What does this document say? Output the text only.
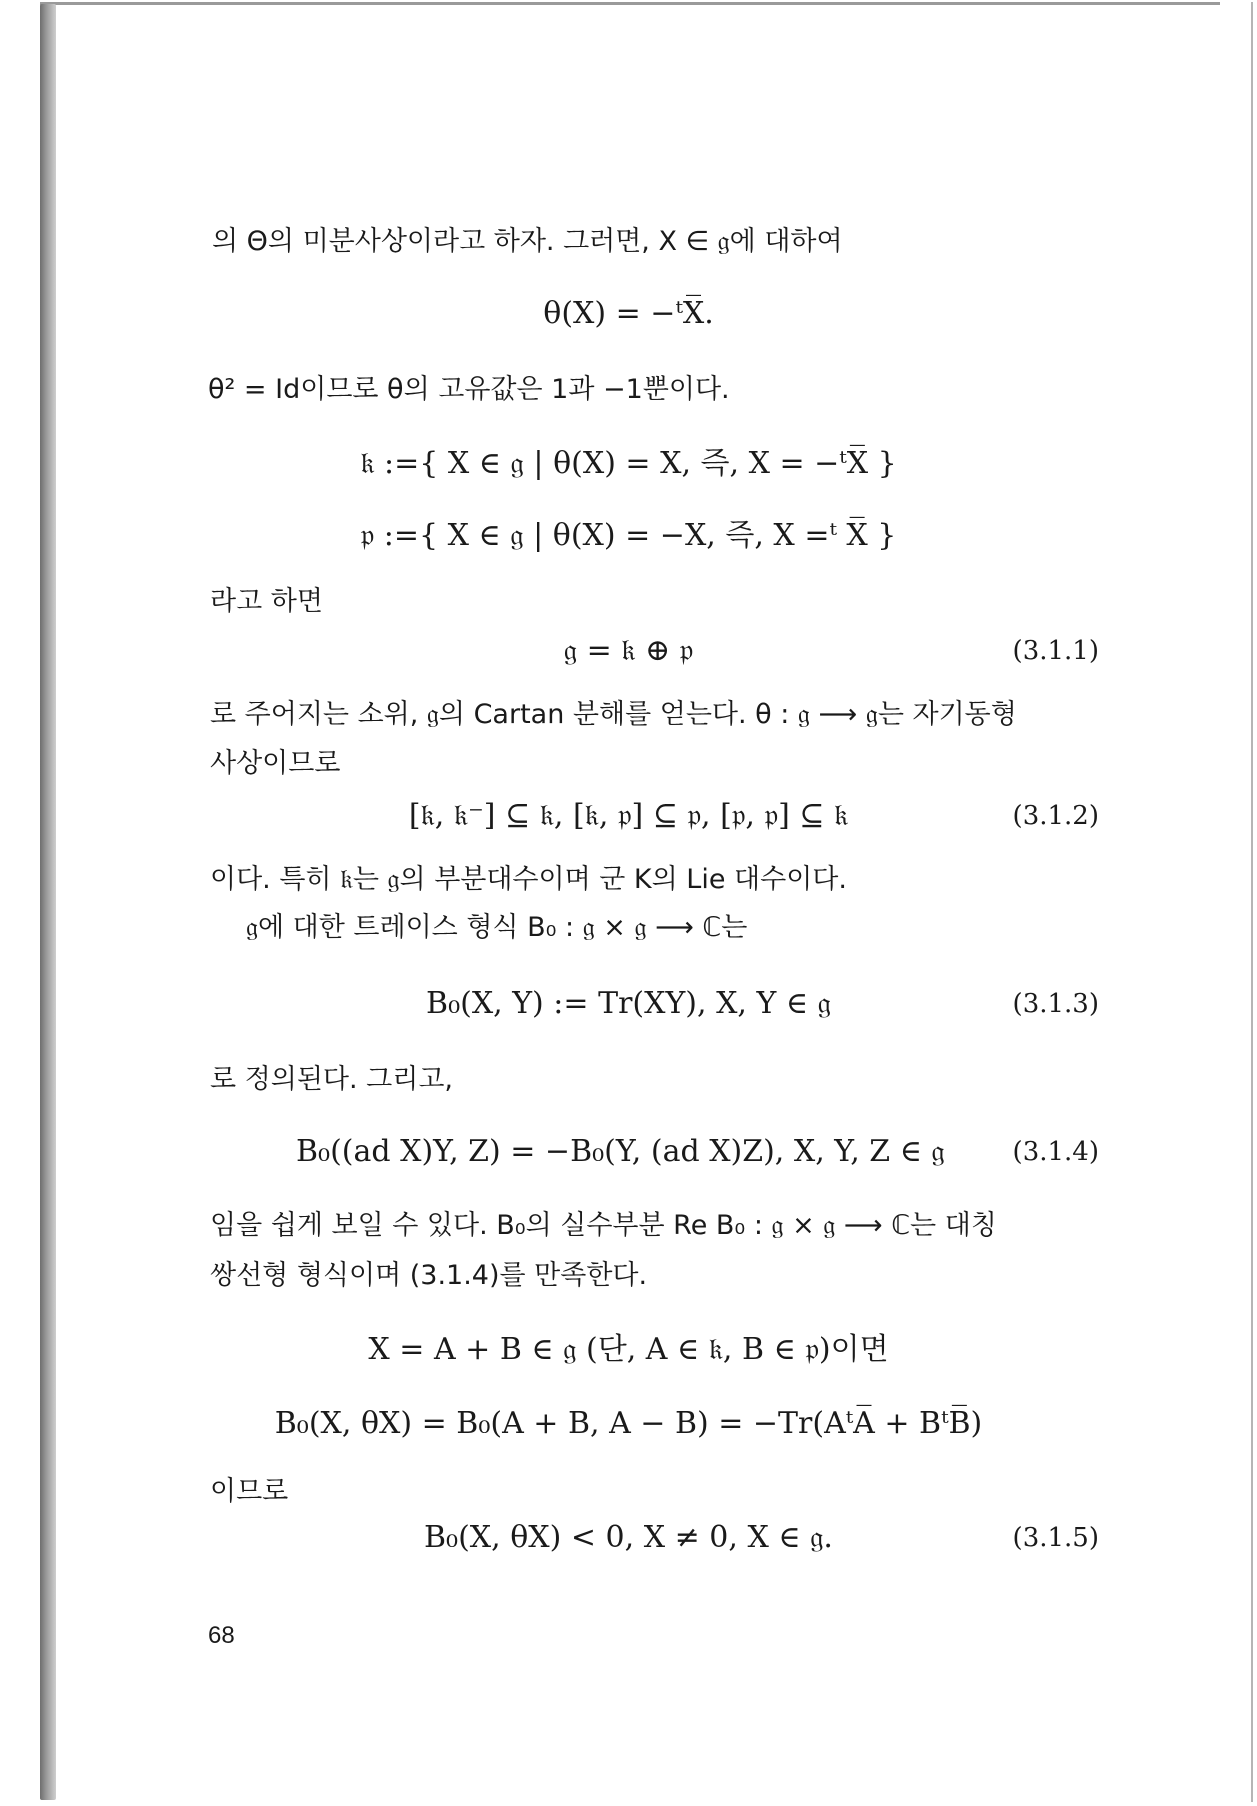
의 Θ의 미분사상이라고 하자. 그러면, X ∈ 𝔤에 대하여
θ(X) = −ᵗX̅.
θ² = Id이므로 θ의 고유값은 1과 −1뿐이다.
𝔨 :={ X ∈ 𝔤 | θ(X) = X, 즉, X = −ᵗX̅ }
𝔭 :={ X ∈ 𝔤 | θ(X) = −X, 즉, X =ᵗ X̅ }
라고 하면
𝔤 = 𝔨 ⊕ 𝔭	(3.1.1)
로 주어지는 소위, 𝔤의 Cartan 분해를 얻는다. θ : 𝔤 ⟶ 𝔤는 자기동형
사상이므로
[𝔨, 𝔨⁻] ⊆ 𝔨, [𝔨, 𝔭] ⊆ 𝔭, [𝔭, 𝔭] ⊆ 𝔨	(3.1.2)
이다. 특히 𝔨는 𝔤의 부분대수이며 군 K의 Lie 대수이다.
𝔤에 대한 트레이스 형식 B₀ : 𝔤 × 𝔤 ⟶ ℂ는
B₀(X, Y) := Tr(XY), X, Y ∈ 𝔤	(3.1.3)
로 정의된다. 그리고,
B₀((ad X)Y, Z) = −B₀(Y, (ad X)Z), X, Y, Z ∈ 𝔤	(3.1.4)
임을 쉽게 보일 수 있다. B₀의 실수부분 Re B₀ : 𝔤 × 𝔤 ⟶ ℂ는 대칭
쌍선형 형식이며 (3.1.4)를 만족한다.
X = A + B ∈ 𝔤 (단, A ∈ 𝔨, B ∈ 𝔭)이면
B₀(X, θX) = B₀(A + B, A − B) = −Tr(AᵗA̅ + BᵗB̅)
이므로
B₀(X, θX) < 0, X ≠ 0, X ∈ 𝔤.	(3.1.5)
68
